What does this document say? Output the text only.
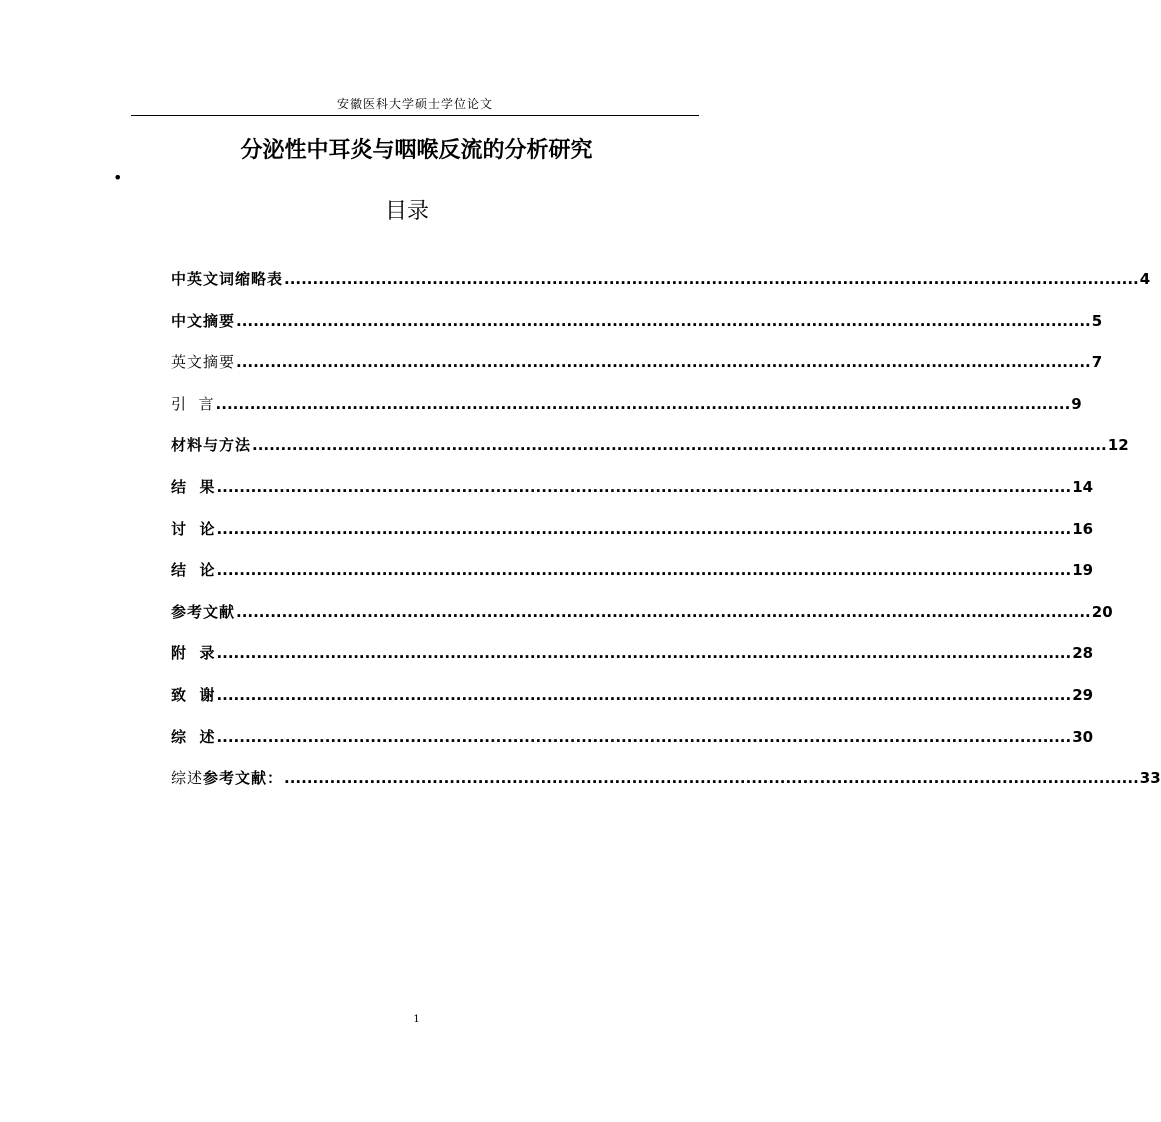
安徽医科大学硕士学位论文
分泌性中耳炎与咽喉反流的分析研究
•
目录
中英文词缩略表 ...................................................................................................................................................... 4
中文摘要 ...................................................................................................................................................... 5
英文摘要 ...................................................................................................................................................... 7
引  言 ...................................................................................................................................................... 9
材料与方法 ...................................................................................................................................................... 12
结  果 ...................................................................................................................................................... 14
讨  论 ...................................................................................................................................................... 16
结  论 ...................................................................................................................................................... 19
参考文献 ...................................................................................................................................................... 20
附  录 ...................................................................................................................................................... 28
致  谢 ...................................................................................................................................................... 29
综  述 ...................................................................................................................................................... 30
综述参考文献： ...................................................................................................................................................... 33
1
